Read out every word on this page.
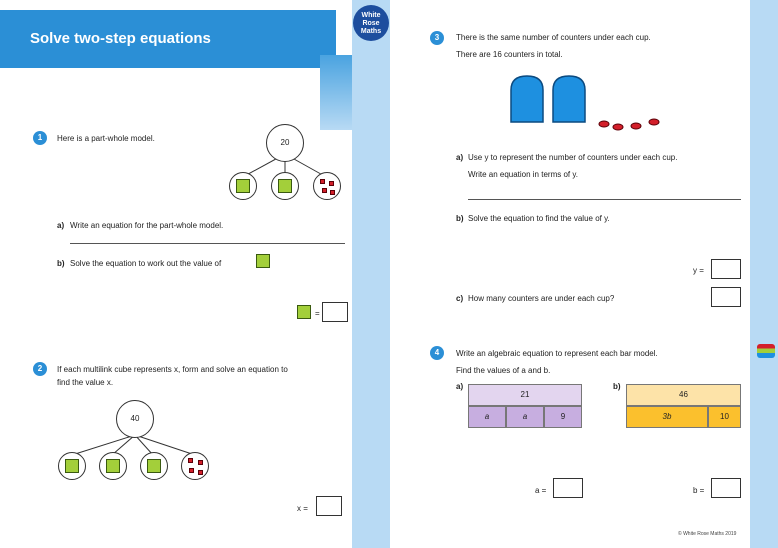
Solve two-step equations
White Rose Maths
1	Here is a part-whole model.	20
a) Write an equation for the part-whole model.
b) Solve the equation to work out the value of
=
2	If each multilink cube represents x, form and solve an equation to
find the value x.
40
x =
3	There is the same number of counters under each cup.
There are 16 counters in total.
a) Use y to represent the number of counters under each cup.
Write an equation in terms of y.
b) Solve the equation to find the value of y.
y =
c) How many counters are under each cup?
4	Write an algebraic equation to represent each bar model.
Find the values of a and b.
a)
21
a	a	9
b)
46
3b	10
a =	b =
© White Rose Maths 2019
